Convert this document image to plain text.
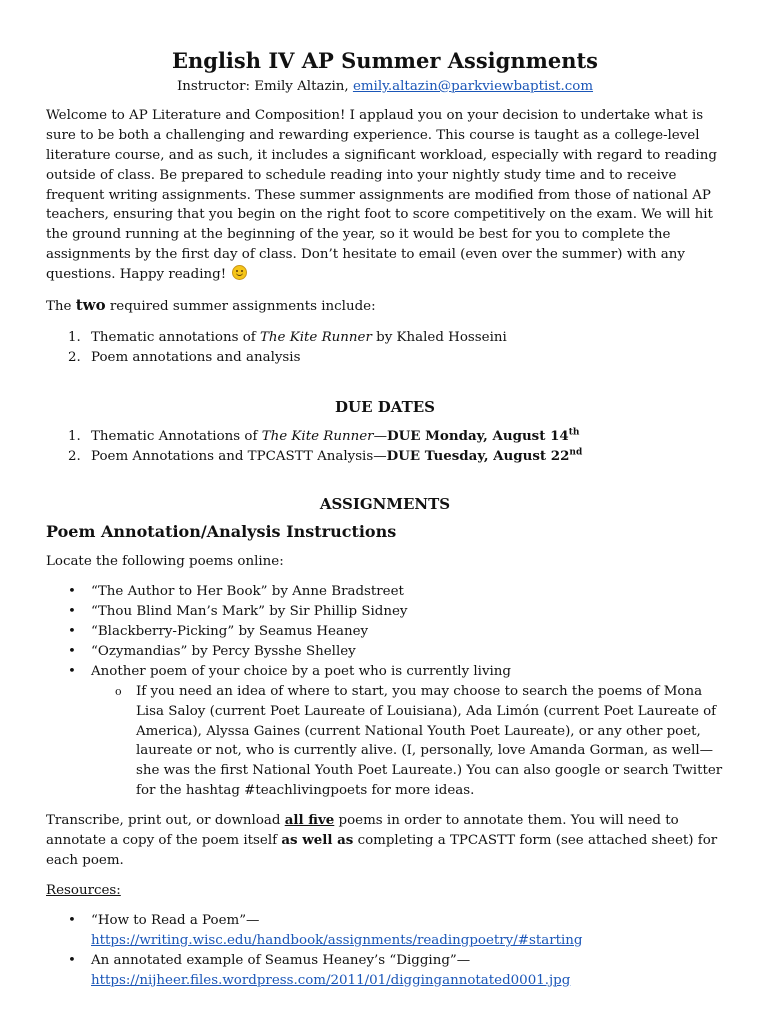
English IV AP Summer Assignments

Instructor: Emily Altazin, emily.altazin@parkviewbaptist.com

Welcome to AP Literature and Composition! I applaud you on your decision to undertake what is sure to be both a challenging and rewarding experience. This course is taught as a college-level literature course, and as such, it includes a significant workload, especially with regard to reading outside of class. Be prepared to schedule reading into your nightly study time and to receive frequent writing assignments. These summer assignments are modified from those of national AP teachers, ensuring that you begin on the right foot to score competitively on the exam. We will hit the ground running at the beginning of the year, so it would be best for you to complete the assignments by the first day of class. Don’t hesitate to email (even over the summer) with any questions. Happy reading!

The two required summer assignments include:

1. Thematic annotations of The Kite Runner by Khaled Hosseini
2. Poem annotations and analysis
DUE DATES
1. Thematic Annotations of The Kite Runner—DUE Monday, August 14th
2. Poem Annotations and TPCASTT Analysis—DUE Tuesday, August 22nd
ASSIGNMENTS
Poem Annotation/Analysis Instructions

Locate the following poems online:

• “The Author to Her Book” by Anne Bradstreet
• “Thou Blind Man’s Mark” by Sir Phillip Sidney
• “Blackberry-Picking” by Seamus Heaney
• “Ozymandias” by Percy Bysshe Shelley
• Another poem of your choice by a poet who is currently living
o If you need an idea of where to start, you may choose to search the poems of Mona Lisa Saloy (current Poet Laureate of Louisiana), Ada Limón (current Poet Laureate of America), Alyssa Gaines (current National Youth Poet Laureate), or any other poet, laureate or not, who is currently alive. (I, personally, love Amanda Gorman, as well—she was the first National Youth Poet Laureate.) You can also google or search Twitter for the hashtag #teachlivingpoets for more ideas.

Transcribe, print out, or download all five poems in order to annotate them. You will need to annotate a copy of the poem itself as well as completing a TPCASTT form (see attached sheet) for each poem.

Resources:

• “How to Read a Poem”—
https://writing.wisc.edu/handbook/assignments/readingpoetry/#starting
• An annotated example of Seamus Heaney’s “Digging”—
https://nijheer.files.wordpress.com/2011/01/diggingannotated0001.jpg
